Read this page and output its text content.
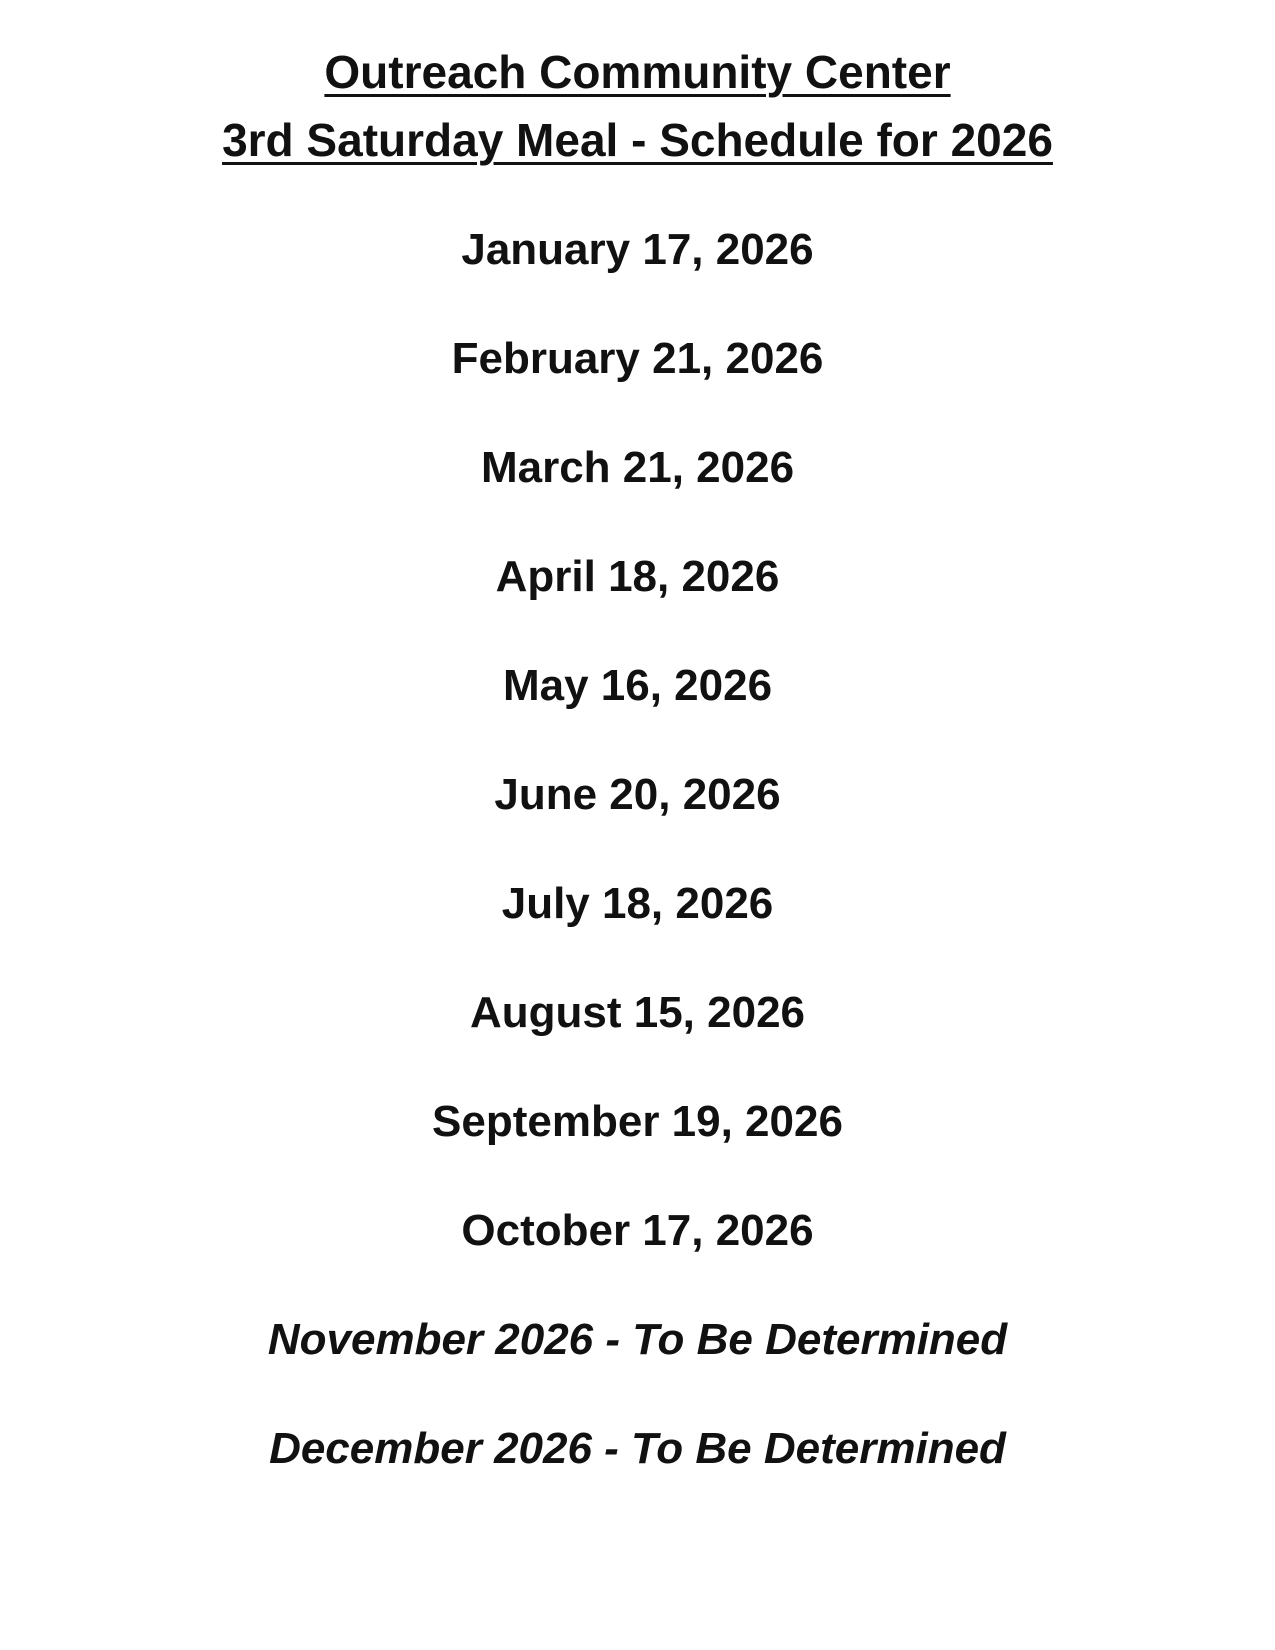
Outreach Community Center
3rd Saturday Meal - Schedule for 2026
January 17, 2026
February 21, 2026
March 21, 2026
April 18, 2026
May 16, 2026
June 20, 2026
July 18, 2026
August 15, 2026
September 19, 2026
October 17, 2026
November 2026 - To Be Determined
December 2026 - To Be Determined
